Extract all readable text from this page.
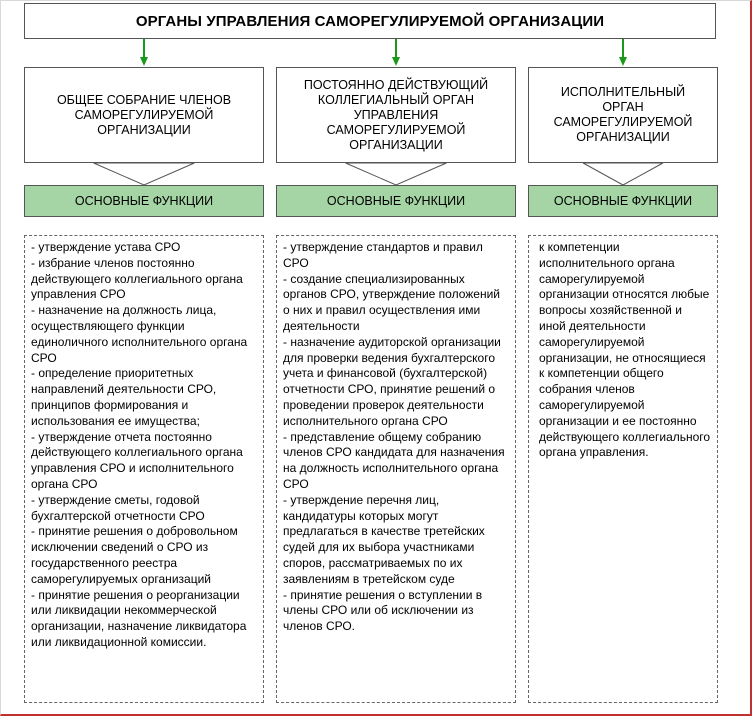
ОРГАНЫ УПРАВЛЕНИЯ САМОРЕГУЛИРУЕМОЙ ОРГАНИЗАЦИИ
ОБЩЕЕ СОБРАНИЕ ЧЛЕНОВ САМОРЕГУЛИРУЕМОЙ ОРГАНИЗАЦИИ
ОСНОВНЫЕ ФУНКЦИИ
- утверждение устава СРО
- избрание членов постоянно действующего коллегиального органа управления СРО
- назначение на должность лица, осуществляющего функции единоличного исполнительного органа СРО
- определение приоритетных направлений деятельности СРО, принципов формирования и использования ее имущества;
- утверждение отчета постоянно действующего коллегиального органа управления СРО и исполнительного органа СРО
- утверждение сметы, годовой бухгалтерской отчетности СРО
- принятие решения о добровольном исключении сведений о СРО из государственного реестра саморегулируемых организаций
- принятие решения о реорганизации или ликвидации некоммерческой организации, назначение ликвидатора или ликвидационной комиссии.
ПОСТОЯННО ДЕЙСТВУЮЩИЙ КОЛЛЕГИАЛЬНЫЙ ОРГАН УПРАВЛЕНИЯ САМОРЕГУЛИРУЕМОЙ ОРГАНИЗАЦИИ
ОСНОВНЫЕ ФУНКЦИИ
- утверждение стандартов и правил СРО
- создание специализированных органов СРО, утверждение положений о них и правил осуществления ими деятельности
- назначение аудиторской организации для проверки ведения бухгалтерского учета и финансовой (бухгалтерской) отчетности СРО, принятие решений о проведении проверок деятельности исполнительного органа СРО
- представление общему собранию членов СРО кандидата для назначения на должность исполнительного органа СРО
- утверждение перечня лиц, кандидатуры которых могут предлагаться в качестве третейских судей для их выбора участниками споров, рассматриваемых по их заявлениям в третейском суде
- принятие решения о вступлении в члены СРО или об исключении из членов СРО.
ИСПОЛНИТЕЛЬНЫЙ ОРГАН САМОРЕГУЛИРУЕМОЙ ОРГАНИЗАЦИИ
ОСНОВНЫЕ ФУНКЦИИ
к компетенции исполнительного органа саморегулируемой организации относятся любые вопросы хозяйственной и иной деятельности саморегулируемой организации, не относящиеся к компетенции общего собрания членов саморегулируемой организации и ее постоянно действующего коллегиального органа управления.
